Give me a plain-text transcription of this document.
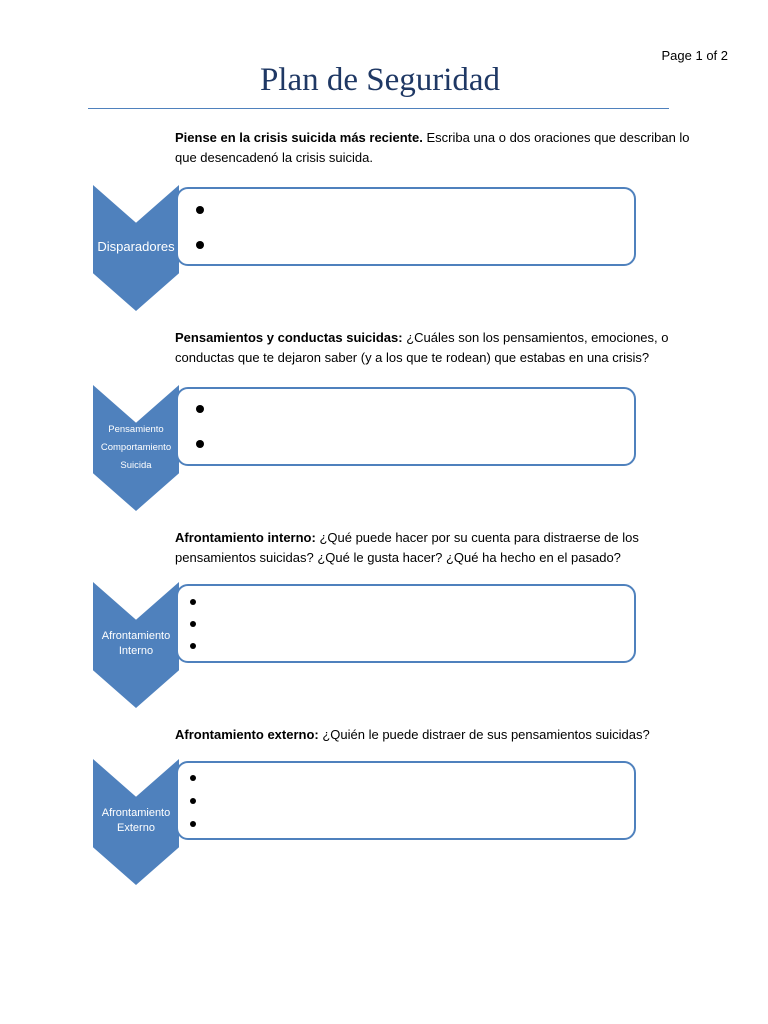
Page 1 of 2
Plan de Seguridad
Piense en la crisis suicida más reciente. Escriba una o dos oraciones que describan lo que desencadenó la crisis suicida.
Disparadores
Pensamientos y conductas suicidas: ¿Cuáles son los pensamientos, emociones, o conductas que te dejaron saber (y a los que te rodean) que estabas en una crisis?
Pensamiento
Comportamiento
Suicida
Afrontamiento interno: ¿Qué puede hacer por su cuenta para distraerse de los pensamientos suicidas? ¿Qué le gusta hacer? ¿Qué ha hecho en el pasado?
Afrontamiento
Interno
Afrontamiento externo: ¿Quién le puede distraer de sus pensamientos suicidas?
Afrontamiento
Externo
